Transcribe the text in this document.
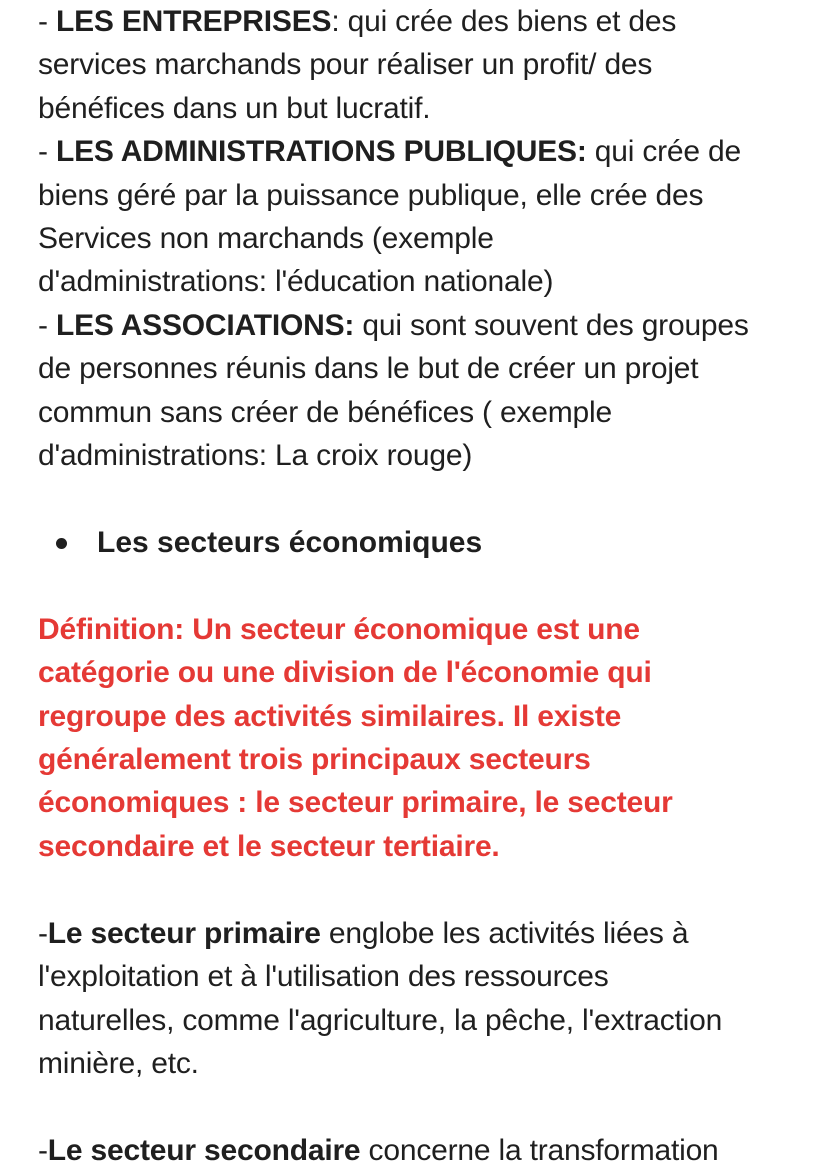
- LES ENTREPRISES: qui crée des biens et des
services marchands pour réaliser un profit/ des
bénéfices dans un but lucratif.
- LES ADMINISTRATIONS PUBLIQUES: qui crée de
biens géré par la puissance publique, elle crée des
Services non marchands (exemple
d'administrations: l'éducation nationale)
- LES ASSOCIATIONS: qui sont souvent des groupes
de personnes réunis dans le but de créer un projet
commun sans créer de bénéfices ( exemple
d'administrations: La croix rouge)
Les secteurs économiques
Définition: Un secteur économique est une
catégorie ou une division de l'économie qui
regroupe des activités similaires. Il existe
généralement trois principaux secteurs
économiques : le secteur primaire, le secteur
secondaire et le secteur tertiaire.
-Le secteur primaire englobe les activités liées à
l'exploitation et à l'utilisation des ressources
naturelles, comme l'agriculture, la pêche, l'extraction
minière, etc.
-Le secteur secondaire concerne la transformation
